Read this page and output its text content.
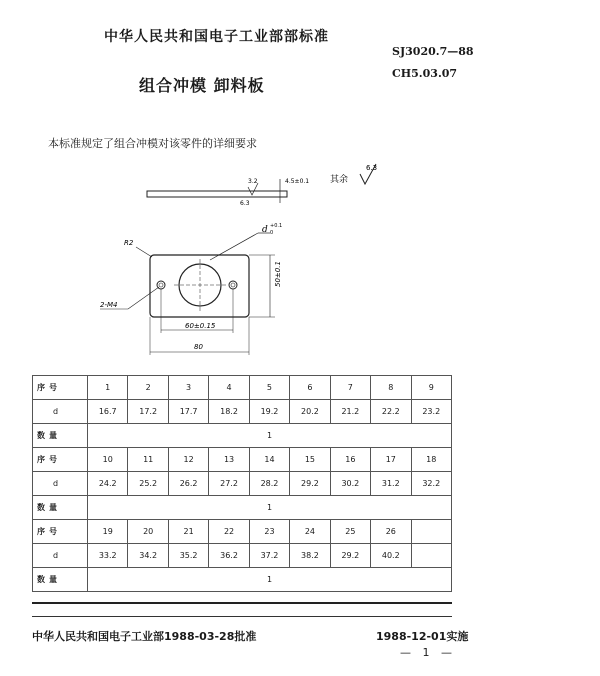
中华人民共和国电子工业部部标准
SJ3020.7—88
CH5.03.07
组合冲模 卸料板
本标准规定了组合冲模对该零件的详细要求
其余
6.3
3.2	4.5±0.1
6.3
d +0.1
0
R2
2-M4
50±0.1
60±0.15
80
序号	1	2	3	4	5	6	7	8	9
d	16.7	17.2	17.7	18.2	19.2	20.2	21.2	22.2	23.2
数量	1								
序号	10	11	12	13	14	15	16	17	18
d	24.2	25.2	26.2	27.2	28.2	29.2	30.2	31.2	32.2
数量	1								
序号	19	20	21	22	23	24	25	26	
d	33.2	34.2	35.2	36.2	37.2	38.2	29.2	40.2	
数量	1								
中华人民共和国电子工业部1988-03-28批准	1988-12-01实施
— 1 —
